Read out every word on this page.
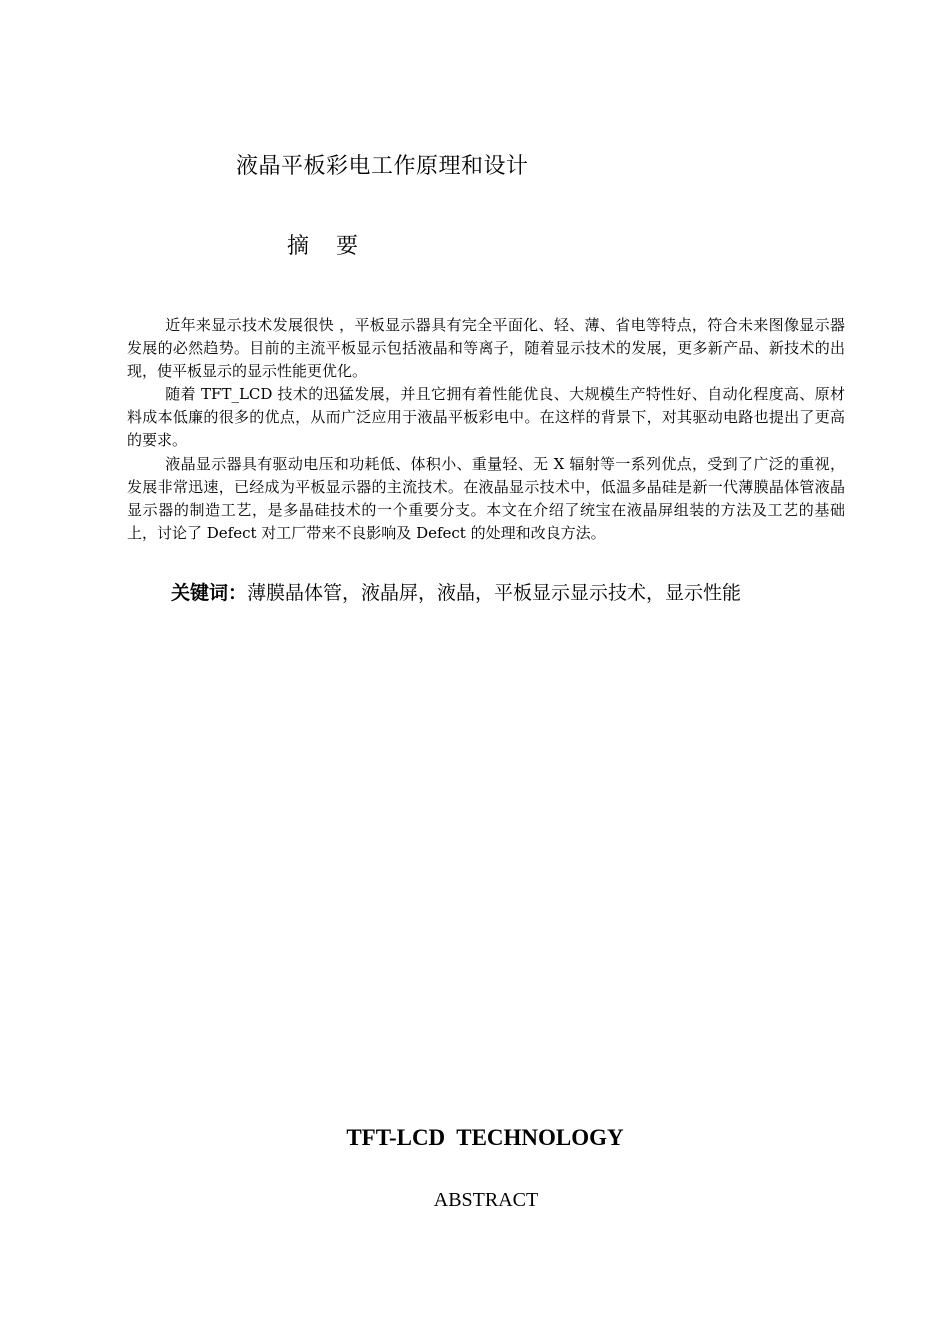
液晶平板彩电工作原理和设计
摘 要

近年来显示技术发展很快 ，平板显示器具有完全平面化、轻、薄、省电等特点，符合未来图像显示器发展的必然趋势。目前的主流平板显示包括液晶和等离子，随着显示技术的发展，更多新产品、新技术的出现，使平板显示的显示性能更优化。

随着 TFT_LCD 技术的迅猛发展，并且它拥有着性能优良、大规模生产特性好、自动化程度高、原材料成本低廉的很多的优点，从而广泛应用于液晶平板彩电中。在这样的背景下，对其驱动电路也提出了更高的要求。

液晶显示器具有驱动电压和功耗低、体积小、重量轻、无 X 辐射等一系列优点，受到了广泛的重视，发展非常迅速，已经成为平板显示器的主流技术。在液晶显示技术中，低温多晶硅是新一代薄膜晶体管液晶显示器的制造工艺，是多晶硅技术的一个重要分支。本文在介绍了统宝在液晶屏组装的方法及工艺的基础上，讨论了 Defect 对工厂带来不良影响及 Defect 的处理和改良方法。

关键词：薄膜晶体管，液晶屏，液晶，平板显示显示技术，显示性能
TFT-LCD  TECHNOLOGY
ABSTRACT
